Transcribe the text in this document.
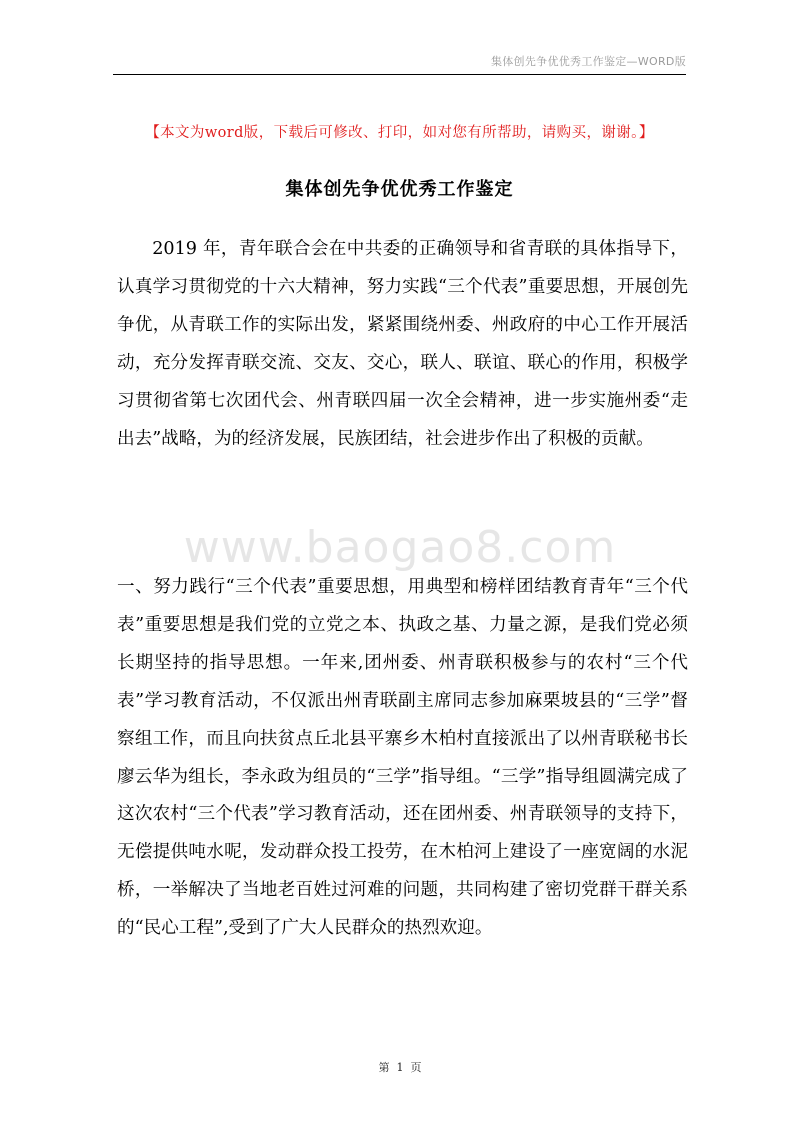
集体创先争优优秀工作鉴定—WORD版
【本文为word版，下载后可修改、打印，如对您有所帮助，请购买，谢谢。】
集体创先争优优秀工作鉴定

2019 年，青年联合会在中共委的正确领导和省青联的具体指导下，认真学习贯彻党的十六大精神，努力实践“三个代表”重要思想，开展创先争优，从青联工作的实际出发，紧紧围绕州委、州政府的中心工作开展活动，充分发挥青联交流、交友、交心，联人、联谊、联心的作用，积极学习贯彻省第七次团代会、州青联四届一次全会精神，进一步实施州委“走出去”战略，为的经济发展，民族团结，社会进步作出了积极的贡献。

www.baogao8.com

一、努力践行“三个代表”重要思想，用典型和榜样团结教育青年“三个代表”重要思想是我们党的立党之本、执政之基、力量之源，是我们党必须长期坚持的指导思想。一年来,团州委、州青联积极参与的农村“三个代表”学习教育活动，不仅派出州青联副主席同志参加麻栗坡县的“三学”督察组工作，而且向扶贫点丘北县平寨乡木柏村直接派出了以州青联秘书长廖云华为组长，李永政为组员的“三学”指导组。“三学”指导组圆满完成了这次农村“三个代表”学习教育活动，还在团州委、州青联领导的支持下，无偿提供吨水呢，发动群众投工投劳，在木柏河上建设了一座宽阔的水泥桥，一举解决了当地老百姓过河难的问题，共同构建了密切党群干群关系的“民心工程”,受到了广大人民群众的热烈欢迎。

第  1  页
